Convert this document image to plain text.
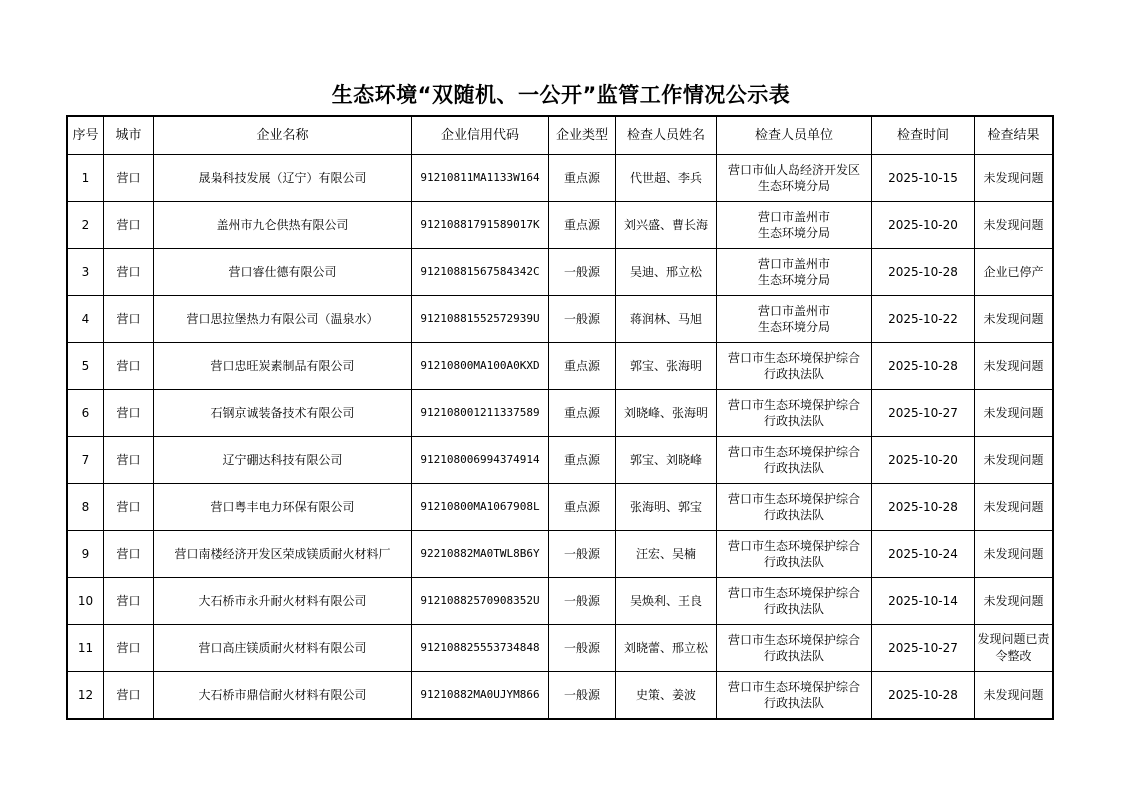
生态环境“双随机、一公开”监管工作情况公示表
序号	城市	企业名称	企业信用代码	企业类型	检查人员姓名	检查人员单位	检查时间	检查结果
1	营口	晟枭科技发展（辽宁）有限公司	91210811MA1133W164	重点源	代世超、李兵	营口市仙人岛经济开发区
生态环境分局	2025-10-15	未发现问题
2	营口	盖州市九仑供热有限公司	91210881791589017K	重点源	刘兴盛、曹长海	营口市盖州市
生态环境分局	2025-10-20	未发现问题
3	营口	营口睿仕德有限公司	91210881567584342C	一般源	吴迪、邢立松	营口市盖州市
生态环境分局	2025-10-28	企业已停产
4	营口	营口思拉堡热力有限公司（温泉水）	91210881552572939U	一般源	蒋润林、马旭	营口市盖州市
生态环境分局	2025-10-22	未发现问题
5	营口	营口忠旺炭素制品有限公司	91210800MA100A0KXD	重点源	郭宝、张海明	营口市生态环境保护综合
行政执法队	2025-10-28	未发现问题
6	营口	石钢京诚装备技术有限公司	91210800121133758​9	重点源	刘晓峰、张海明	营口市生态环境保护综合
行政执法队	2025-10-27	未发现问题
7	营口	辽宁硼达科技有限公司	91210800699437491​4	重点源	郭宝、刘晓峰	营口市生态环境保护综合
行政执法队	2025-10-20	未发现问题
8	营口	营口粤丰电力环保有限公司	91210800MA1067908L	重点源	张海明、郭宝	营口市生态环境保护综合
行政执法队	2025-10-28	未发现问题
9	营口	营口南楼经济开发区荣成镁质耐火材料厂	92210882MA0TWL8B6Y	一般源	汪宏、吴楠	营口市生态环境保护综合
行政执法队	2025-10-24	未发现问题
10	营口	大石桥市永升耐火材料有限公司	91210882570908352U	一般源	吴焕利、王良	营口市生态环境保护综合
行政执法队	2025-10-14	未发现问题
11	营口	营口高庄镁质耐火材料有限公司	91210882555373484​8	一般源	刘晓蕾、邢立松	营口市生态环境保护综合
行政执法队	2025-10-27	发现问题已责令整改
12	营口	大石桥市鼎信耐火材料有限公司	91210882MA0UJYM866	一般源	史策、姜波	营口市生态环境保护综合
行政执法队	2025-10-28	未发现问题
